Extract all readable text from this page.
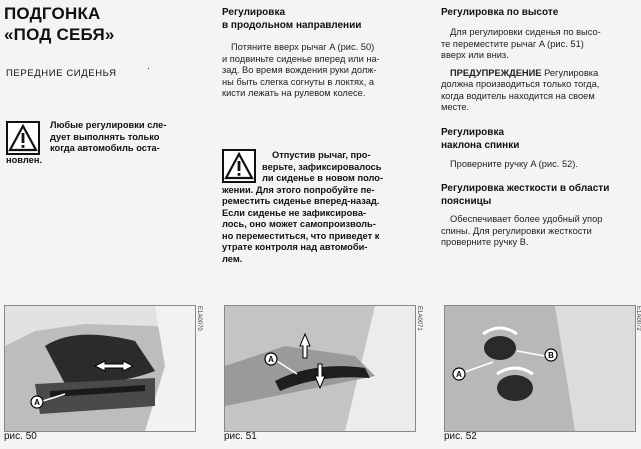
ПОДГОНКА
«ПОД СЕБЯ»
ПЕРЕДНИЕ СИДЕНЬЯ	·
Любые регулировки сле-
дует выполнять только
когда автомобиль оста-
новлен.
Регулировка
в продольном направлении
Потяните вверх рычаг A (рис. 50)
и подвиньте сиденье вперед или на-
зад. Во время вождения руки долж-
ны быть слегка согнуты в локтях, а
кисти лежать на рулевом колесе.
Отпустив рычаг, про-
верьте, зафиксировалось
ли сиденье в новом поло-
жении. Для этого попробуйте пе-
реместить сиденье вперед-назад.
Если сиденье не зафиксирова-
лось, оно может самопроизволь-
но переместиться, что приведет к
утрате контроля над автомоби-
лем.
Регулировка по высоте
Для регулировки сиденья по высо-
те переместите рычаг A (рис. 51)
вверх или вниз.
ПРЕДУПРЕЖДЕНИЕ Регулировка
должна производиться только тогда,
когда водитель находится на своем
месте.
Регулировка
наклона спинки
Проверните ручку A (рис. 52).
Регулировка жесткости в области
поясницы
Обеспечивает более удобный упор
спины. Для регулировки жесткости
проверните ручку B.
A
E1A0070
рис. 50
A
E1A0071
рис. 51
A
B
E1A0072
рис. 52
